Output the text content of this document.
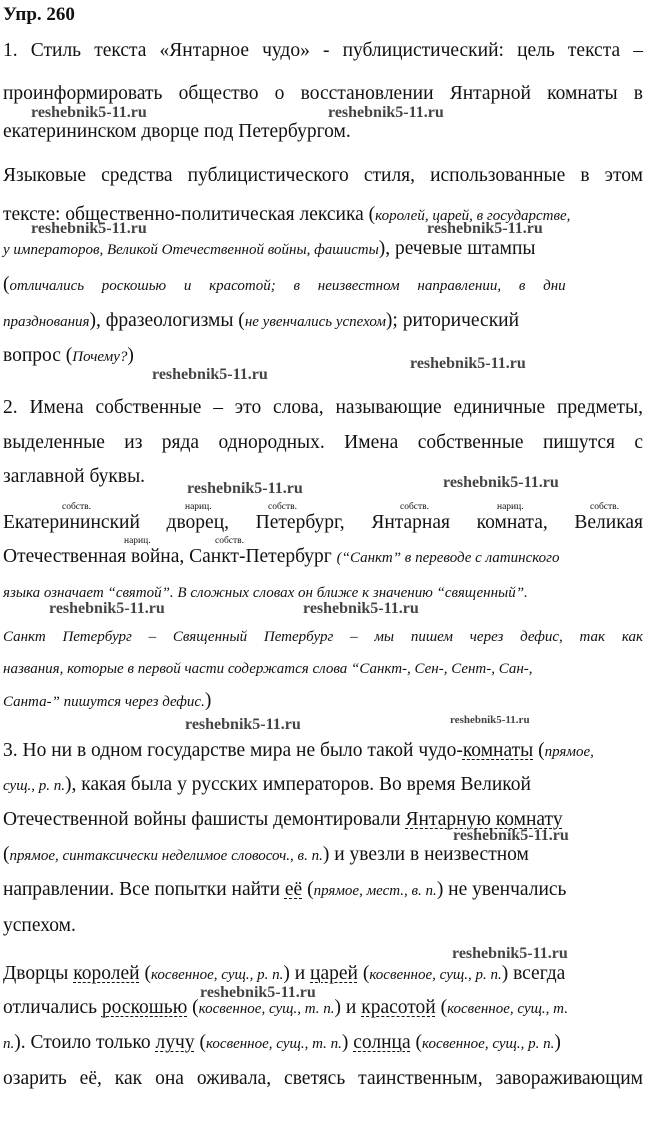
Упр. 260
1. Стиль текста «Янтарное чудо» - публицистический: цель текста –
проинформировать общество о восстановлении Янтарной комнаты в
екатерининском дворце под Петербургом.
Языковые средства публицистического стиля, использованные в этом
тексте: общественно-политическая лексика (королей, царей, в государстве,
у императоров, Великой Отечественной войны, фашисты), речевые штампы
(отличались роскошью и красотой; в неизвестном направлении, в дни
празднования), фразеологизмы (не увенчались успехом); риторический
вопрос (Почему?)
2. Имена собственные – это слова, называющие единичные предметы,
выделенные из ряда однородных. Имена собственные пишутся с
заглавной буквы.
собств.	нариц.	собств.	собств.	нариц.	собств.
нариц.	собств.
Екатерининский дворец, Петербург, Янтарная комната, Великая
Отечественная война, Санкт-Петербург (“Санкт” в переводе с латинского
языка означает “святой”. В сложных словах он ближе к значению “священный”.
Санкт Петербург – Священный Петербург – мы пишем через дефис, так как
названия, которые в первой части содержатся слова “Санкт-, Сен-, Сент-, Сан-,
Санта-” пишутся через дефис.)
3. Но ни в одном государстве мира не было такой чудо-комнаты (прямое,
сущ., р. п.), какая была у русских императоров. Во время Великой
Отечественной войны фашисты демонтировали Янтарную комнату
(прямое, синтаксически неделимое словосоч., в. п.) и увезли в неизвестном
направлении. Все попытки найти её (прямое, мест., в. п.) не увенчались
успехом.
Дворцы королей (косвенное, сущ., р. п.) и царей (косвенное, сущ., р. п.) всегда
отличались роскошью (косвенное, сущ., т. п.) и красотой (косвенное, сущ., т.
п.). Стоило только лучу (косвенное, сущ., т. п.) солнца (косвенное, сущ., р. п.)
озарить её, как она оживала, светясь таинственным, завораживающим
reshebnik5-11.ru	reshebnik5-11.ru
reshebnik5-11.ru	reshebnik5-11.ru
reshebnik5-11.ru
reshebnik5-11.ru
reshebnik5-11.ru
reshebnik5-11.ru
reshebnik5-11.ru	reshebnik5-11.ru
reshebnik5-11.ru	reshebnik5-11.ru
reshebnik5-11.ru
reshebnik5-11.ru
reshebnik5-11.ru
